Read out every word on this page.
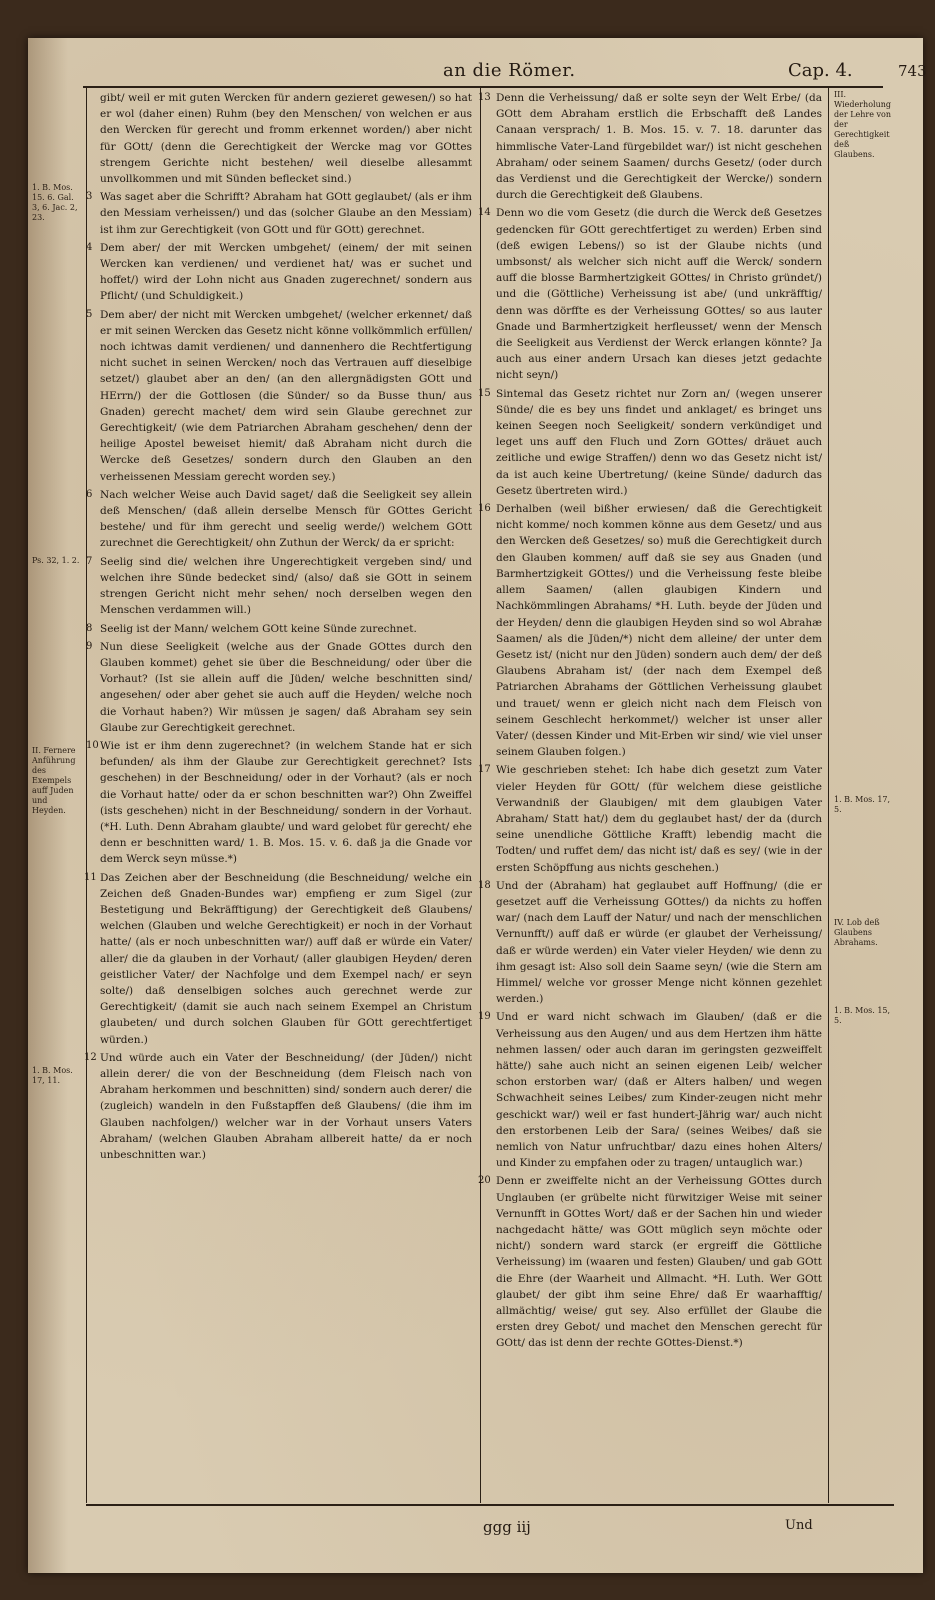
an die Römer.	Cap. 4.	743
1. B. Mos. 15. 6. Gal. 3, 6. Jac. 2, 23.
Ps. 32, 1. 2.
II. Fernere Anführung des Exempels auff Juden und Heyden.
1. B. Mos. 17, 11.
III. Wiederholung der Lehre von der Gerechtigkeit deß Glaubens.
1. B. Mos. 17, 5.
IV. Lob deß Glaubens Abrahams.
1. B. Mos. 15, 5.

gibt/ weil er mit guten Wercken für andern gezieret gewesen/) so hat er wol (daher einen) Ruhm (bey den Menschen/ von welchen er aus den Wercken für gerecht und fromm erkennet worden/) aber nicht für GOtt/ (denn die Gerechtigkeit der Wercke mag vor GOttes strengem Gerichte nicht bestehen/ weil dieselbe allesammt unvollkommen und mit Sünden beflecket sind.)

3 Was saget aber die Schrifft? Abraham hat GOtt geglaubet/ (als er ihm den Messiam verheissen/) und das (solcher Glaube an den Messiam) ist ihm zur Gerechtigkeit (von GOtt und für GOtt) gerechnet.

4 Dem aber/ der mit Wercken umbgehet/ (einem/ der mit seinen Wercken kan verdienen/ und verdienet hat/ was er suchet und hoffet/) wird der Lohn nicht aus Gnaden zugerechnet/ sondern aus Pflicht/ (und Schuldigkeit.)

5 Dem aber/ der nicht mit Wercken umbgehet/ (welcher erkennet/ daß er mit seinen Wercken das Gesetz nicht könne vollkömmlich erfüllen/ noch ichtwas damit verdienen/ und dannenhero die Rechtfertigung nicht suchet in seinen Wercken/ noch das Vertrauen auff dieselbige setzet/) glaubet aber an den/ (an den allergnädigsten GOtt und HErrn/) der die Gottlosen (die Sünder/ so da Busse thun/ aus Gnaden) gerecht machet/ dem wird sein Glaube gerechnet zur Gerechtigkeit/ (wie dem Patriarchen Abraham geschehen/ denn der heilige Apostel beweiset hiemit/ daß Abraham nicht durch die Wercke deß Gesetzes/ sondern durch den Glauben an den verheissenen Messiam gerecht worden sey.)

6 Nach welcher Weise auch David saget/ daß die Seeligkeit sey allein deß Menschen/ (daß allein derselbe Mensch für GOttes Gericht bestehe/ und für ihm gerecht und seelig werde/) welchem GOtt zurechnet die Gerechtigkeit/ ohn Zuthun der Werck/ da er spricht:

7 Seelig sind die/ welchen ihre Ungerechtigkeit vergeben sind/ und welchen ihre Sünde bedecket sind/ (also/ daß sie GOtt in seinem strengen Gericht nicht mehr sehen/ noch derselben wegen den Menschen verdammen will.)

8 Seelig ist der Mann/ welchem GOtt keine Sünde zurechnet.

9 Nun diese Seeligkeit (welche aus der Gnade GOttes durch den Glauben kommet) gehet sie über die Beschneidung/ oder über die Vorhaut? (Ist sie allein auff die Jüden/ welche beschnitten sind/ angesehen/ oder aber gehet sie auch auff die Heyden/ welche noch die Vorhaut haben?) Wir müssen je sagen/ daß Abraham sey sein Glaube zur Gerechtigkeit gerechnet.

10 Wie ist er ihm denn zugerechnet? (in welchem Stande hat er sich befunden/ als ihm der Glaube zur Gerechtigkeit gerechnet? Ists geschehen) in der Beschneidung/ oder in der Vorhaut? (als er noch die Vorhaut hatte/ oder da er schon beschnitten war?) Ohn Zweiffel (ists geschehen) nicht in der Beschneidung/ sondern in der Vorhaut. (*H. Luth. Denn Abraham glaubte/ und ward gelobet für gerecht/ ehe denn er beschnitten ward/ 1. B. Mos. 15. v. 6. daß ja die Gnade vor dem Werck seyn müsse.*)

11 Das Zeichen aber der Beschneidung (die Beschneidung/ welche ein Zeichen deß Gnaden-Bundes war) empfieng er zum Sigel (zur Bestetigung und Bekräfftigung) der Gerechtigkeit deß Glaubens/ welchen (Glauben und welche Gerechtigkeit) er noch in der Vorhaut hatte/ (als er noch unbeschnitten war/) auff daß er würde ein Vater/ aller/ die da glauben in der Vorhaut/ (aller glaubigen Heyden/ deren geistlicher Vater/ der Nachfolge und dem Exempel nach/ er seyn solte/) daß denselbigen solches auch gerechnet werde zur Gerechtigkeit/ (damit sie auch nach seinem Exempel an Christum glaubeten/ und durch solchen Glauben für GOtt gerechtfertiget würden.)

12 Und würde auch ein Vater der Beschneidung/ (der Jüden/) nicht allein derer/ die von der Beschneidung (dem Fleisch nach von Abraham herkommen und beschnitten) sind/ sondern auch derer/ die (zugleich) wandeln in den Fußstapffen deß Glaubens/ (die ihm im Glauben nachfolgen/) welcher war in der Vorhaut unsers Vaters Abraham/ (welchen Glauben Abraham allbereit hatte/ da er noch unbeschnitten war.)

13 Denn die Verheissung/ daß er solte seyn der Welt Erbe/ (da GOtt dem Abraham erstlich die Erbschafft deß Landes Canaan versprach/ 1. B. Mos. 15. v. 7. 18. darunter das himmlische Vater-Land fürgebildet war/) ist nicht geschehen Abraham/ oder seinem Saamen/ durchs Gesetz/ (oder durch das Verdienst und die Gerechtigkeit der Wercke/) sondern durch die Gerechtigkeit deß Glaubens.

14 Denn wo die vom Gesetz (die durch die Werck deß Gesetzes gedencken für GOtt gerechtfertiget zu werden) Erben sind (deß ewigen Lebens/) so ist der Glaube nichts (und umbsonst/ als welcher sich nicht auff die Werck/ sondern auff die blosse Barmhertzigkeit GOttes/ in Christo gründet/) und die (Göttliche) Verheissung ist abe/ (und unkräfftig/ denn was dörffte es der Verheissung GOttes/ so aus lauter Gnade und Barmhertzigkeit herfleusset/ wenn der Mensch die Seeligkeit aus Verdienst der Werck erlangen könnte? Ja auch aus einer andern Ursach kan dieses jetzt gedachte nicht seyn/)

15 Sintemal das Gesetz richtet nur Zorn an/ (wegen unserer Sünde/ die es bey uns findet und anklaget/ es bringet uns keinen Seegen noch Seeligkeit/ sondern verkündiget und leget uns auff den Fluch und Zorn GOttes/ dräuet auch zeitliche und ewige Straffen/) denn wo das Gesetz nicht ist/ da ist auch keine Ubertretung/ (keine Sünde/ dadurch das Gesetz übertreten wird.)

16 Derhalben (weil bißher erwiesen/ daß die Gerechtigkeit nicht komme/ noch kommen könne aus dem Gesetz/ und aus den Wercken deß Gesetzes/ so) muß die Gerechtigkeit durch den Glauben kommen/ auff daß sie sey aus Gnaden (und Barmhertzigkeit GOttes/) und die Verheissung feste bleibe allem Saamen/ (allen glaubigen Kindern und Nachkömmlingen Abrahams/ *H. Luth. beyde der Jüden und der Heyden/ denn die glaubigen Heyden sind so wol Abrahæ Saamen/ als die Jüden/*) nicht dem alleine/ der unter dem Gesetz ist/ (nicht nur den Jüden) sondern auch dem/ der deß Glaubens Abraham ist/ (der nach dem Exempel deß Patriarchen Abrahams der Göttlichen Verheissung glaubet und trauet/ wenn er gleich nicht nach dem Fleisch von seinem Geschlecht herkommet/) welcher ist unser aller Vater/ (dessen Kinder und Mit-Erben wir sind/ wie viel unser seinem Glauben folgen.)

17 Wie geschrieben stehet: Ich habe dich gesetzt zum Vater vieler Heyden für GOtt/ (für welchem diese geistliche Verwandniß der Glaubigen/ mit dem glaubigen Vater Abraham/ Statt hat/) dem du geglaubet hast/ der da (durch seine unendliche Göttliche Krafft) lebendig macht die Todten/ und ruffet dem/ das nicht ist/ daß es sey/ (wie in der ersten Schöpffung aus nichts geschehen.)

18 Und der (Abraham) hat geglaubet auff Hoffnung/ (die er gesetzet auff die Verheissung GOttes/) da nichts zu hoffen war/ (nach dem Lauff der Natur/ und nach der menschlichen Vernunfft/) auff daß er würde (er glaubet der Verheissung/ daß er würde werden) ein Vater vieler Heyden/ wie denn zu ihm gesagt ist: Also soll dein Saame seyn/ (wie die Stern am Himmel/ welche vor grosser Menge nicht können gezehlet werden.)

19 Und er ward nicht schwach im Glauben/ (daß er die Verheissung aus den Augen/ und aus dem Hertzen ihm hätte nehmen lassen/ oder auch daran im geringsten gezweiffelt hätte/) sahe auch nicht an seinen eigenen Leib/ welcher schon erstorben war/ (daß er Alters halben/ und wegen Schwachheit seines Leibes/ zum Kinder-zeugen nicht mehr geschickt war/) weil er fast hundert-Jährig war/ auch nicht den erstorbenen Leib der Sara/ (seines Weibes/ daß sie nemlich von Natur unfruchtbar/ dazu eines hohen Alters/ und Kinder zu empfahen oder zu tragen/ untauglich war.)

20 Denn er zweiffelte nicht an der Verheissung GOttes durch Unglauben (er grübelte nicht fürwitziger Weise mit seiner Vernunfft in GOttes Wort/ daß er der Sachen hin und wieder nachgedacht hätte/ was GOtt müglich seyn möchte oder nicht/) sondern ward starck (er ergreiff die Göttliche Verheissung) im (waaren und festen) Glauben/ und gab GOtt die Ehre (der Waarheit und Allmacht. *H. Luth. Wer GOtt glaubet/ der gibt ihm seine Ehre/ daß Er waarhafftig/ allmächtig/ weise/ gut sey. Also erfüllet der Glaube die ersten drey Gebot/ und machet den Menschen gerecht für GOtt/ das ist denn der rechte GOttes-Dienst.*)

ggg iij	Und
